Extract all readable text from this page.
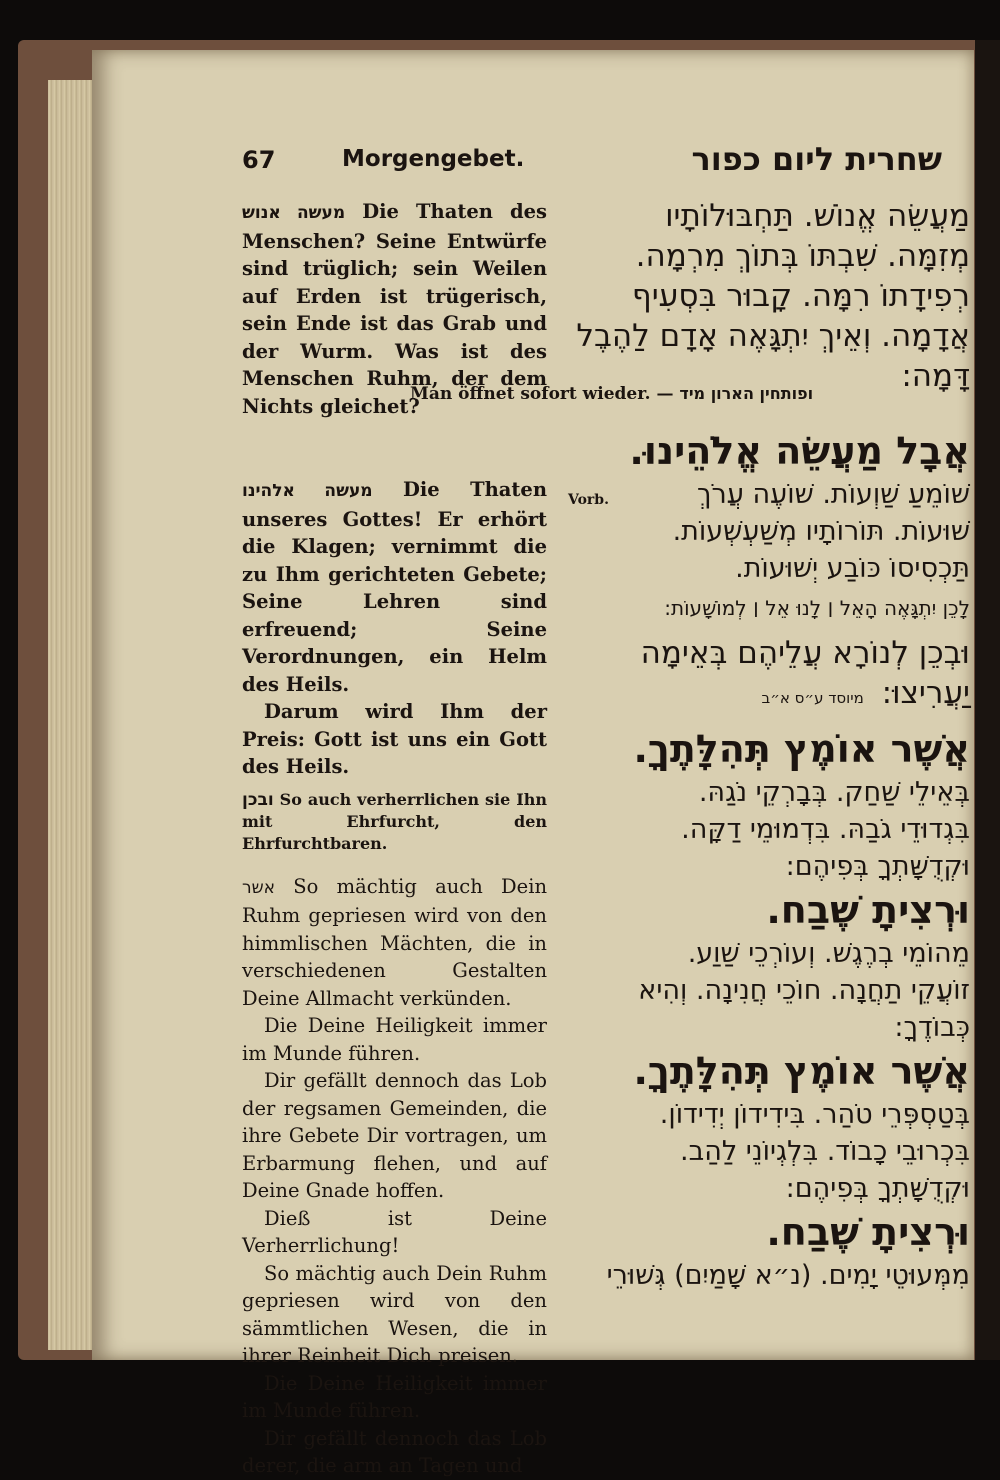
67	Morgengebet.	שחרית ליום כפור

מעשה אנוש Die Thaten des Menschen? Seine Entwürfe sind trüglich; sein Weilen auf Erden ist trügerisch, sein Ende ist das Grab und der Wurm. Was ist des Menschen Ruhm, der dem Nichts gleichet?

מעשה אלהינו Die Thaten unseres Gottes! Er erhört die Klagen; vernimmt die zu Ihm gerichteten Gebete; Seine Lehren sind erfreuend; Seine Verordnungen, ein Helm des Heils.

Darum wird Ihm der Preis: Gott ist uns ein Gott des Heils.

ובכן So auch verherrlichen sie Ihn mit Ehrfurcht, den Ehrfurchtbaren.

אשר So mächtig auch Dein Ruhm gepriesen wird von den himmlischen Mächten, die in verschiedenen Gestalten Deine Allmacht verkünden.

Die Deine Heiligkeit immer im Munde führen.

Dir gefällt dennoch das Lob der regsamen Gemeinden, die ihre Gebete Dir vortragen, um Erbarmung flehen, und auf Deine Gnade hoffen.

Dieß ist Deine Verherrlichung!

So mächtig auch Dein Ruhm gepriesen wird von den sämmtlichen Wesen, die in ihrer Reinheit Dich preisen.

Die Deine Heiligkeit immer im Munde führen.

Dir gefällt dennoch das Lob derer, die arm an Tagen und

Man öffnet sofort wieder. — ופותחין הארון מיד

מַעֲשֵׂה אֱנוֹשׁ. תַּחְבּוּלוֹתָיו

מְזִמָּה. שִׁבְתּוֹ בְּתוֹךְ מִרְמָה.

רְפִידָתוֹ רִמָּה. קָבוּר בִּסְעִיף

אֲדָמָה. וְאֵיךְ יִתְגָּאֶה אָדָם לַהֶבֶל

דָּמָה:

אֲבָל מַעֲשֵׂה אֱלֹהֵינוּ.

Vorb.	שׁוֹמֵעַ שַׁוְעוֹת. שׁוֹעֶה עֲרֹךְ

שׁוּעוֹת. תּוֹרוֹתָיו מְשַׁעְשְׁעוֹת.

תַּכְסִיסוֹ כּוֹבַע יְשׁוּעוֹת.

לָכֵן יִתְגָּאֶה הָאֵל ׀ לָנוּ אֵל ׀ לְמוֹשָׁעוֹת:

וּבְכֵן לְנוֹרָא עֲלֵיהֶם בְּאֵימָה

יַעֲרִיצוּ: מיוסד ע״ס א״ב

אֲשֶׁר אוֹמֶץ תְּהִלָּתֶךָ.

בְּאֵילֵי שַׁחַק. בְּבָרְקֵי נֹגַהּ.

בִּגְדוּדֵי גֹבַהּ. בִּדְמוּמֵי דַקָּה.

וּקְדֻשָּׁתְךָ בְּפִיהֶם:

וּרְצִיתָ שֶׁבַח.

מֵהוֹמֵי בְרֶגֶשׁ. וְעוֹרְכֵי שַׁוַע.

זוֹעֲקֵי תַחֲנָה. חוֹכֵי חֲנִינָה. וְהִיא

כְּבוֹדֶךָ:

אֲשֶׁר אוֹמֶץ תְּהִלָּתֶךָ.

בְּטַסְפְּרֵי טֹהַר. בִּידִידוֹן יְדִידוֹן.

בִּכְרוּבֵי כָבוֹד. בִּלְגְיוֹנֵי לַהַב.

וּקְדֻשָּׁתְךָ בְּפִיהֶם:

וּרְצִיתָ שֶׁבַח.

מִמְּעוּטֵי יָמִים. (נ״א שָׁמַיִם) גְּשׁוּרֵי
